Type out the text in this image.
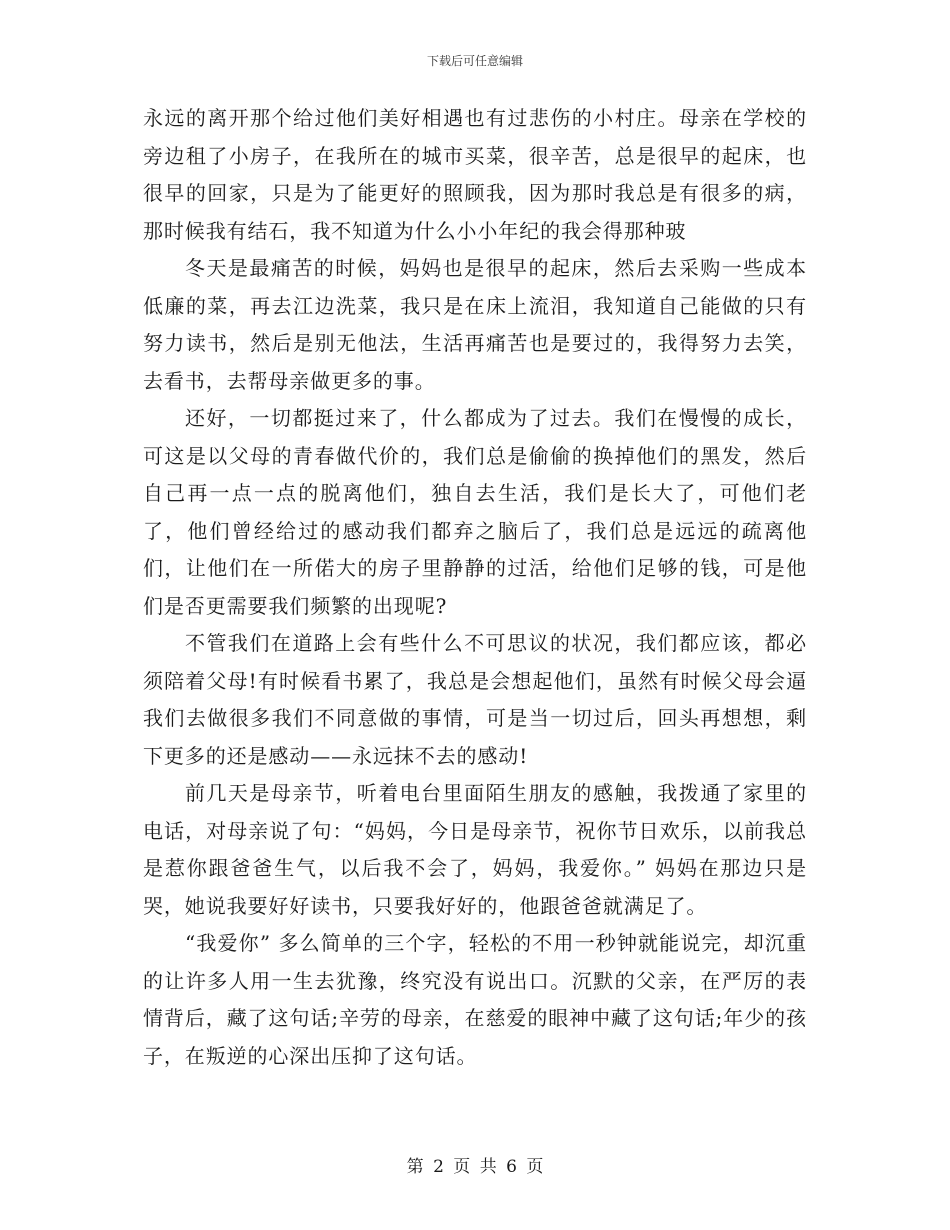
下载后可任意编辑

永远的离开那个给过他们美好相遇也有过悲伤的小村庄。母亲在学校的旁边租了小房子，在我所在的城市买菜，很辛苦，总是很早的起床，也很早的回家，只是为了能更好的照顾我，因为那时我总是有很多的病，那时候我有结石，我不知道为什么小小年纪的我会得那种玻

冬天是最痛苦的时候，妈妈也是很早的起床，然后去采购一些成本低廉的菜，再去江边洗菜，我只是在床上流泪，我知道自己能做的只有努力读书，然后是别无他法，生活再痛苦也是要过的，我得努力去笑，去看书，去帮母亲做更多的事。

还好，一切都挺过来了，什么都成为了过去。我们在慢慢的成长，可这是以父母的青春做代价的，我们总是偷偷的换掉他们的黑发，然后自己再一点一点的脱离他们，独自去生活，我们是长大了，可他们老了，他们曾经给过的感动我们都弃之脑后了，我们总是远远的疏离他们，让他们在一所偌大的房子里静静的过活，给他们足够的钱，可是他们是否更需要我们频繁的出现呢?

不管我们在道路上会有些什么不可思议的状况，我们都应该，都必须陪着父母!有时候看书累了，我总是会想起他们，虽然有时候父母会逼我们去做很多我们不同意做的事情，可是当一切过后，回头再想想，剩下更多的还是感动——永远抹不去的感动!

前几天是母亲节，听着电台里面陌生朋友的感触，我拨通了家里的电话，对母亲说了句：“妈妈，今日是母亲节，祝你节日欢乐，以前我总是惹你跟爸爸生气，以后我不会了，妈妈，我爱你。” 妈妈在那边只是哭，她说我要好好读书，只要我好好的，他跟爸爸就满足了。

“我爱你” 多么简单的三个字，轻松的不用一秒钟就能说完，却沉重的让许多人用一生去犹豫，终究没有说出口。沉默的父亲，在严厉的表情背后，藏了这句话;辛劳的母亲，在慈爱的眼神中藏了这句话;年少的孩子，在叛逆的心深出压抑了这句话。

第 2 页 共 6 页
